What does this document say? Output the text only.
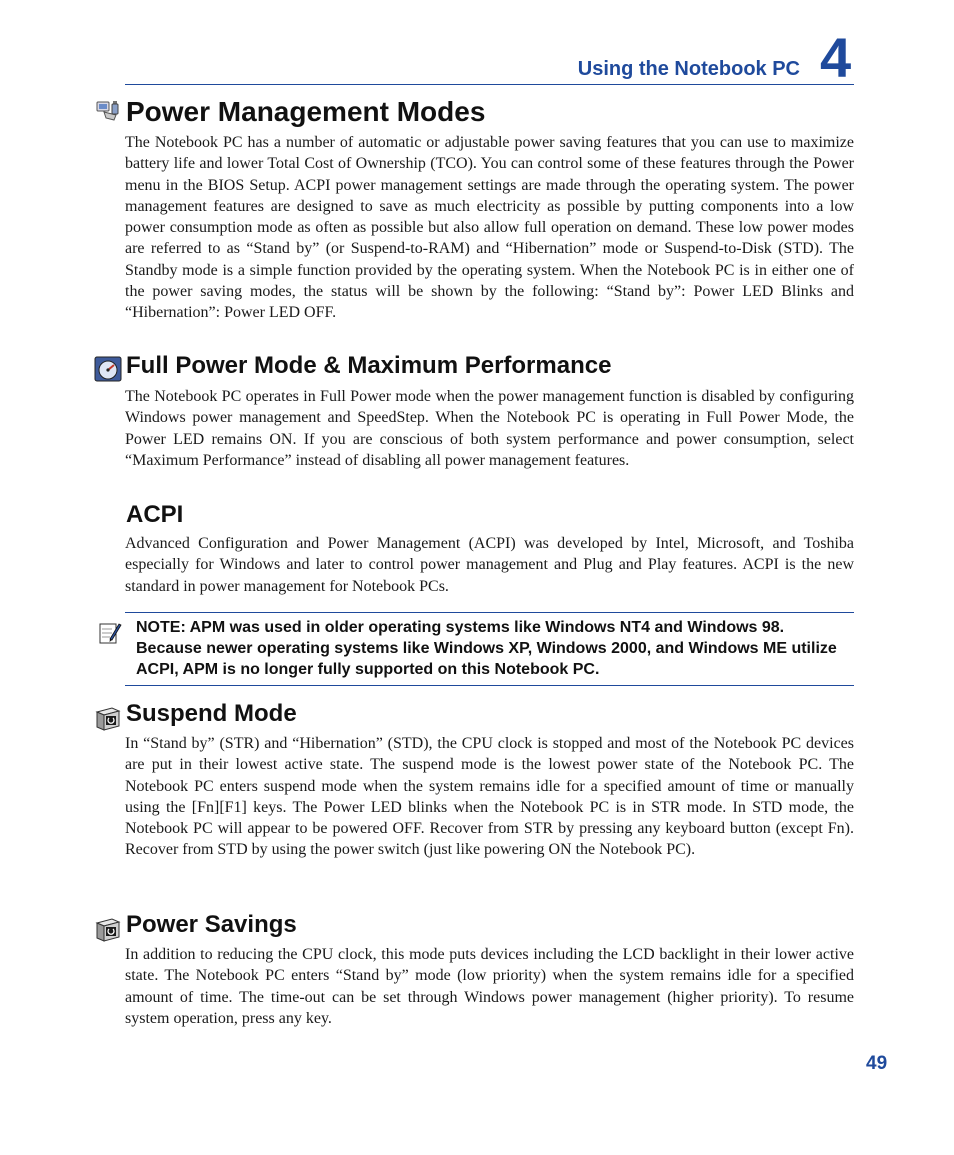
Using the Notebook PC 4
Power Management Modes

The Notebook PC has a number of automatic or adjustable power saving features that you can use to maximize battery life and lower Total Cost of Ownership (TCO). You can control some of these features through the Power menu in the BIOS Setup. ACPI power management settings are made through the operating system. The power management features are designed to save as much electricity as possible by putting components into a low power consumption mode as often as possible but also allow full operation on demand. These low power modes are referred to as “Stand by” (or Suspend-to-RAM) and “Hibernation” mode or Suspend-to-Disk (STD). The Standby mode is a simple function provided by the operating system. When the Notebook PC is in either one of the power saving modes, the status will be shown by the following: “Stand by”: Power LED Blinks and “Hibernation”: Power LED OFF.

Full Power Mode & Maximum Performance

The Notebook PC operates in Full Power mode when the power management function is disabled by configuring Windows power management and SpeedStep. When the Notebook PC is operating in Full Power Mode, the Power LED remains ON. If you are conscious of both system performance and power consumption, select “Maximum Performance” instead of disabling all power management features.

ACPI

Advanced Configuration and Power Management (ACPI) was developed by Intel, Microsoft, and Toshiba especially for Windows and later to control power management and Plug and Play features. ACPI is the new standard in power management for Notebook PCs.

NOTE: APM was used in older operating systems like Windows NT4 and Windows 98. Because newer operating systems like Windows XP, Windows 2000, and Windows ME utilize ACPI, APM is no longer fully supported on this Notebook PC.

Suspend Mode

In “Stand by” (STR) and “Hibernation” (STD), the CPU clock is stopped and most of the Notebook PC devices are put in their lowest active state. The suspend mode is the lowest power state of the Notebook PC. The Notebook PC enters suspend mode when the system remains idle for a specified amount of time or manually using the [Fn][F1] keys. The Power LED blinks when the Notebook PC is in STR mode. In STD mode, the Notebook PC will appear to be powered OFF. Recover from STR by pressing any keyboard button (except Fn). Recover from STD by using the power switch (just like powering ON the Notebook PC).

Power Savings

In addition to reducing the CPU clock, this mode puts devices including the LCD backlight in their lower active state. The Notebook PC enters “Stand by” mode (low priority) when the system remains idle for a specified amount of time. The time-out can be set through Windows power management (higher priority). To resume system operation, press any key.

49
